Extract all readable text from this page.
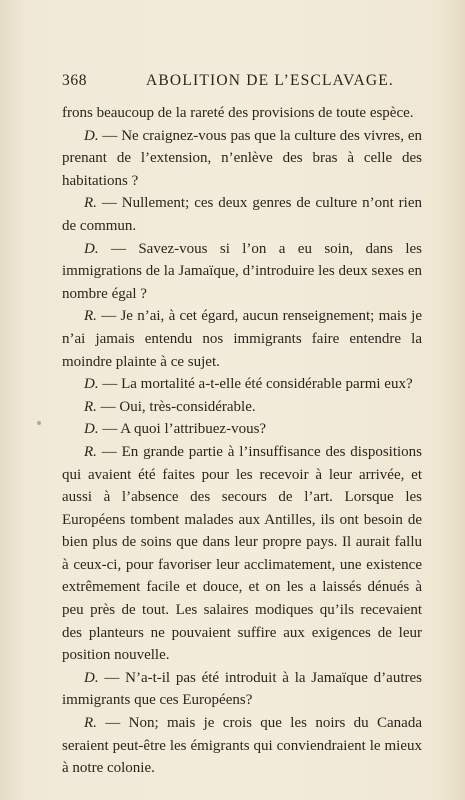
368	ABOLITION DE L’ESCLAVAGE.

frons beaucoup de la rareté des provisions de toute espèce.

D. — Ne craignez-vous pas que la culture des vivres, en prenant de l’extension, n’enlève des bras à celle des habitations ?

R. — Nullement; ces deux genres de culture n’ont rien de commun.

D. — Savez-vous si l’on a eu soin, dans les immigrations de la Jamaïque, d’introduire les deux sexes en nombre égal ?

R. — Je n’ai, à cet égard, aucun renseignement; mais je n’ai jamais entendu nos immigrants faire entendre la moindre plainte à ce sujet.

D. — La mortalité a-t-elle été considérable parmi eux?

R. — Oui, très-considérable.

D. — A quoi l’attribuez-vous?

R. — En grande partie à l’insuffisance des dispositions qui avaient été faites pour les recevoir à leur arrivée, et aussi à l’absence des secours de l’art. Lorsque les Européens tombent malades aux Antilles, ils ont besoin de bien plus de soins que dans leur propre pays. Il aurait fallu à ceux-ci, pour favoriser leur acclimatement, une existence extrêmement facile et douce, et on les a laissés dénués à peu près de tout. Les salaires modiques qu’ils recevaient des planteurs ne pouvaient suffire aux exigences de leur position nouvelle.

D. — N’a-t-il pas été introduit à la Jamaïque d’autres immigrants que ces Européens?

R. — Non; mais je crois que les noirs du Canada seraient peut-être les émigrants qui conviendraient le mieux à notre colonie.
